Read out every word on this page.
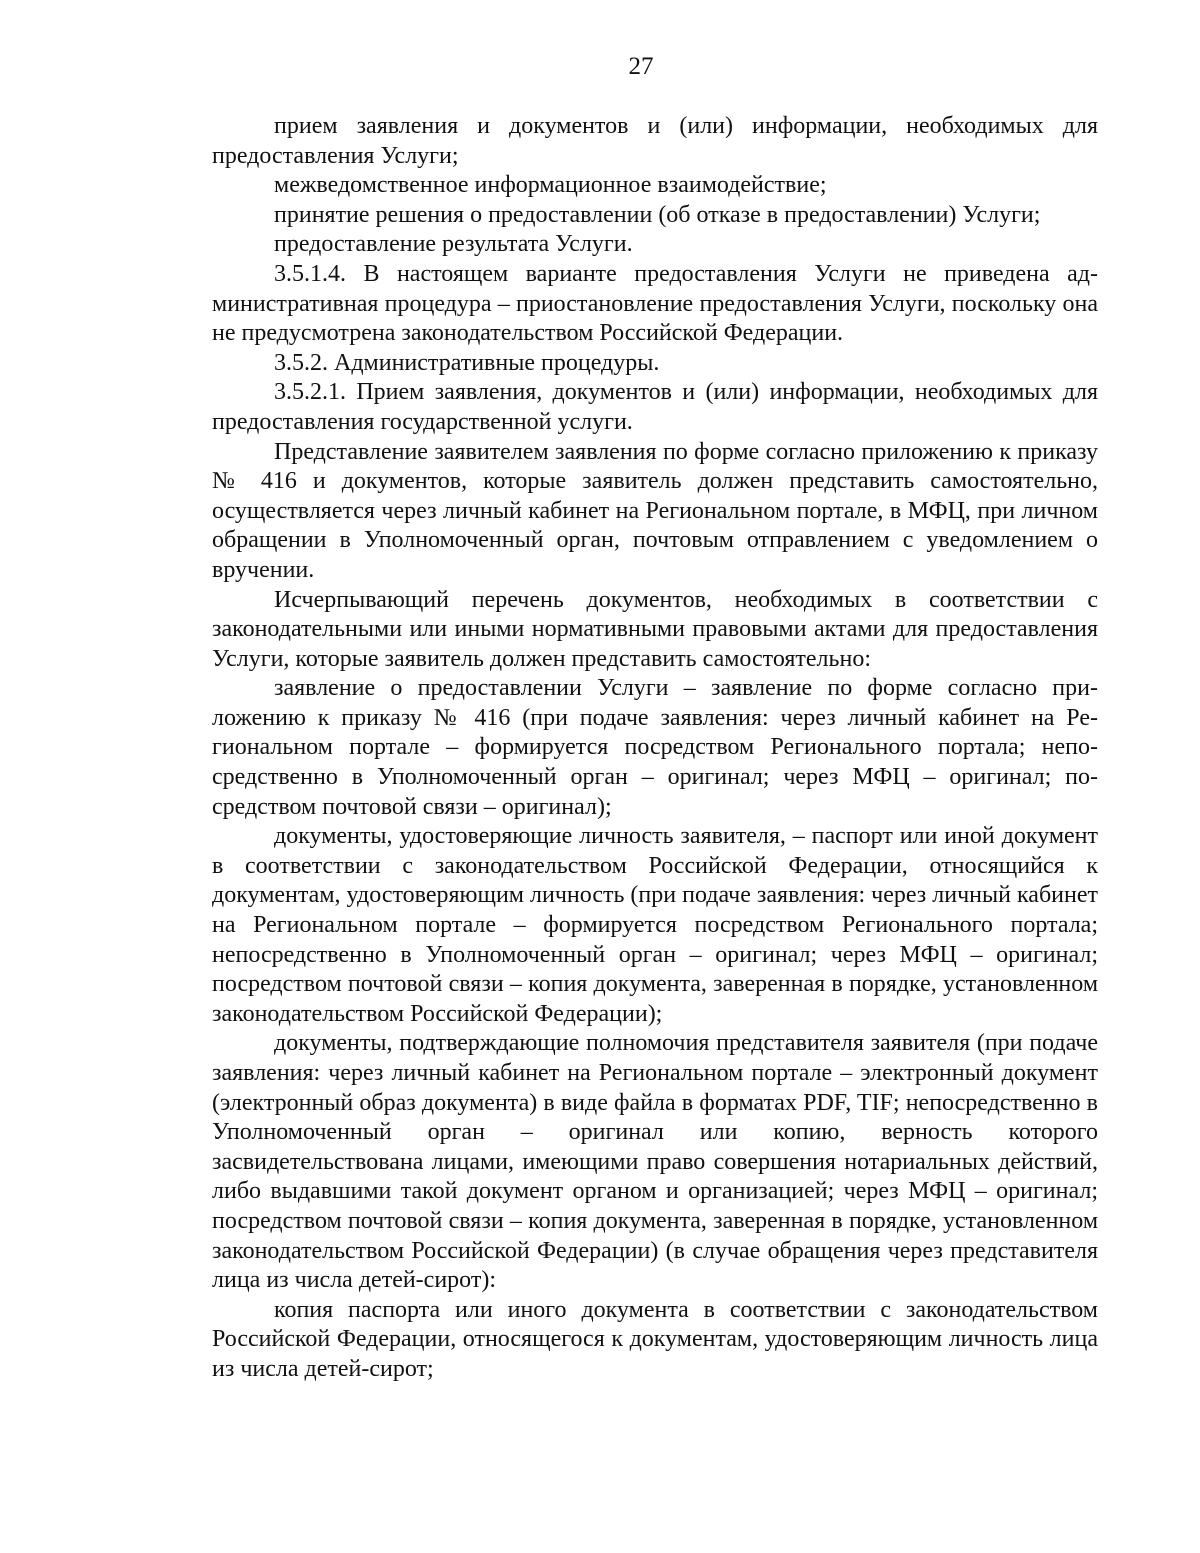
27

прием заявления и документов и (или) информации, необходимых для предоставления Услуги;

межведомственное информационное взаимодействие;

принятие решения о предоставлении (об отказе в предоставлении) Услуги;

предоставление результата Услуги.

3.5.1.4. В настоящем варианте предоставления Услуги не приведена административная процедура – приостановление предоставления Услуги, поскольку она не предусмотрена законодательством Российской Федерации.

3.5.2. Административные процедуры.

3.5.2.1. Прием заявления, документов и (или) информации, необходимых для предоставления государственной услуги.

Представление заявителем заявления по форме согласно приложению к приказу № 416 и документов, которые заявитель должен представить самостоятельно, осуществляется через личный кабинет на Региональном портале, в МФЦ, при личном обращении в Уполномоченный орган, почтовым отправлением с уведомлением о вручении.

Исчерпывающий перечень документов, необходимых в соответствии с законодательными или иными нормативными правовыми актами для предоставления Услуги, которые заявитель должен представить самостоятельно:

заявление о предоставлении Услуги – заявление по форме согласно приложению к приказу № 416 (при подаче заявления: через личный кабинет на Региональном портале – формируется посредством Регионального портала; непосредственно в Уполномоченный орган – оригинал; через МФЦ – оригинал; посредством почтовой связи – оригинал);

документы, удостоверяющие личность заявителя, – паспорт или иной документ в соответствии с законодательством Российской Федерации, относящийся к документам, удостоверяющим личность (при подаче заявления: через личный кабинет на Региональном портале – формируется посредством Регионального портала; непосредственно в Уполномоченный орган – оригинал; через МФЦ – оригинал; посредством почтовой связи – копия документа, заверенная в порядке, установленном законодательством Российской Федерации);

документы, подтверждающие полномочия представителя заявителя (при подаче заявления: через личный кабинет на Региональном портале – электронный документ (электронный образ документа) в виде файла в форматах PDF, TIF; непосредственно в Уполномоченный орган – оригинал или копию, верность которого засвидетельствована лицами, имеющими право совершения нотариальных действий, либо выдавшими такой документ органом и организацией; через МФЦ – оригинал; посредством почтовой связи – копия документа, заверенная в порядке, установленном законодательством Российской Федерации) (в случае обращения через представителя лица из числа детей-сирот):

копия паспорта или иного документа в соответствии с законодательством Российской Федерации, относящегося к документам, удостоверяющим личность лица из числа детей-сирот;
